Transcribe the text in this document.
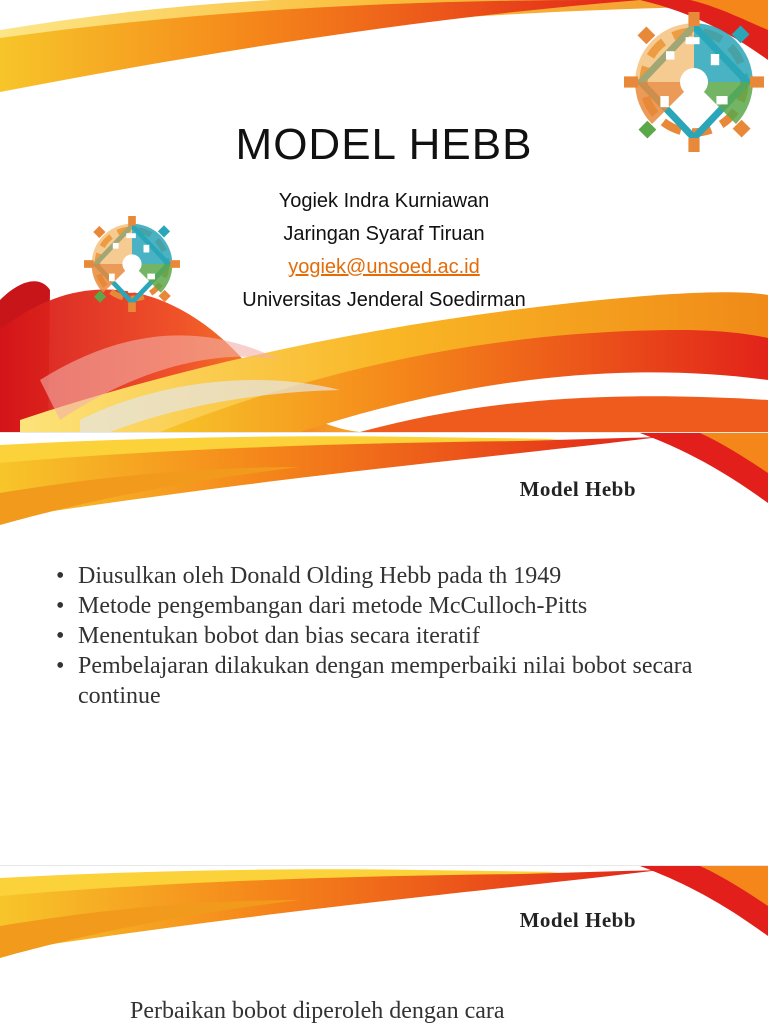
MODEL HEBB
Yogiek Indra Kurniawan
Jaringan Syaraf Tiruan
yogiek@unsoed.ac.id
Universitas Jenderal Soedirman
Model Hebb
• Diusulkan oleh Donald Olding Hebb pada th 1949
• Metode pengembangan dari metode McCulloch-Pitts
• Menentukan bobot dan bias secara iteratif
• Pembelajaran dilakukan dengan memperbaiki nilai bobot secara continue
Model Hebb
Perbaikan bobot diperoleh dengan cara
